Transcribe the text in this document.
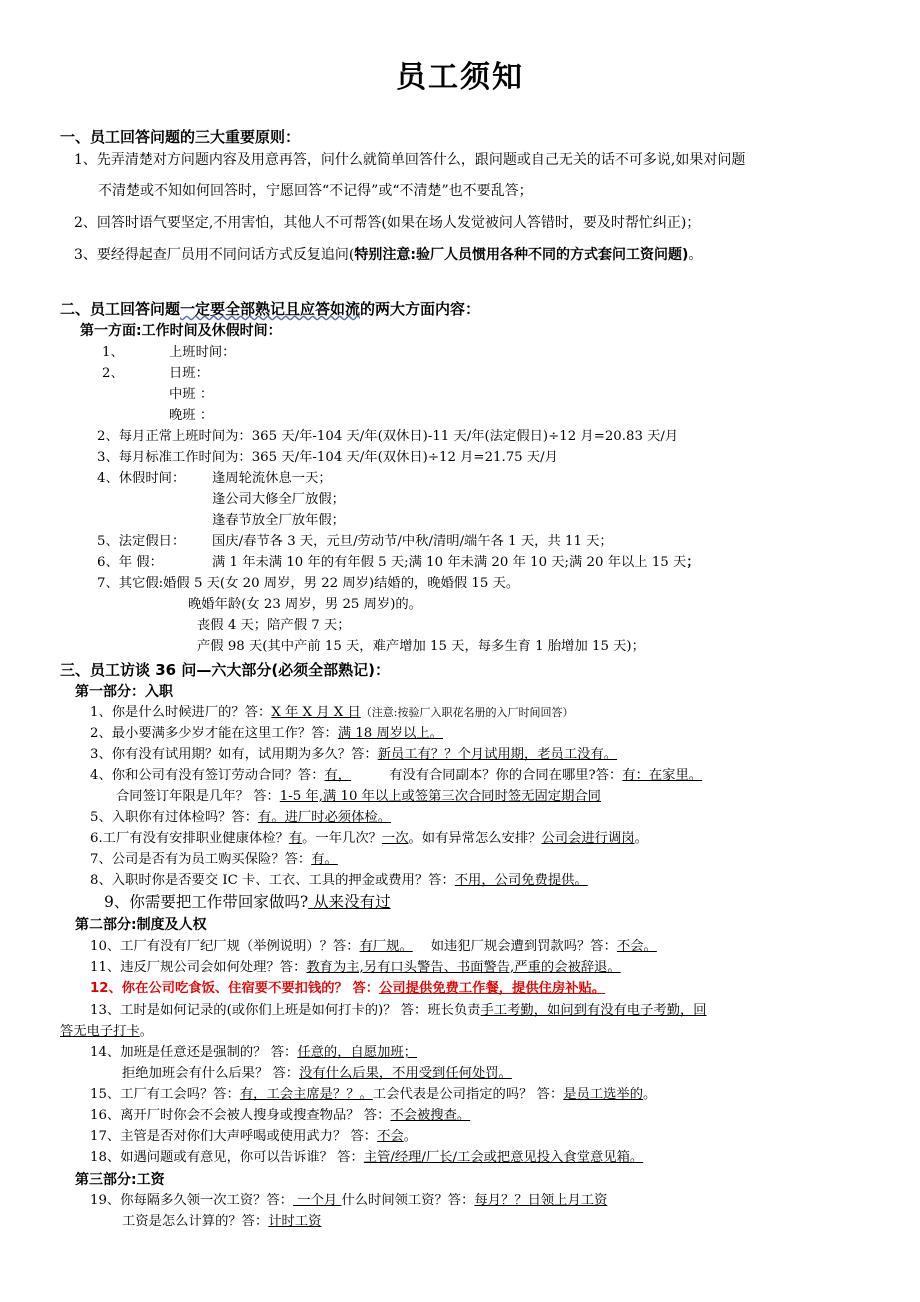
员工须知
一、员工回答问题的三大重要原则：
1、先弄清楚对方问题内容及用意再答，问什么就简单回答什么，跟问题或自己无关的话不可多说,如果对问题
不清楚或不知如何回答时，宁愿回答“不记得”或“不清楚”也不要乱答；
2、回答时语气要坚定,不用害怕，其他人不可帮答(如果在场人发觉被问人答错时，要及时帮忙纠正)；
3、要经得起查厂员用不同问话方式反复追问(特别注意:验厂人员惯用各种不同的方式套问工资问题)。
二、员工回答问题一定要全部熟记且应答如流的两大方面内容：
第一方面:工作时间及休假时间：
1、	上班时间：
2、	日班：
中班 ：
晚班 ：
2、每月正常上班时间为：365 天/年-104 天/年(双休日)-11 天/年(法定假日)÷12 月=20.83 天/月
3、每月标准工作时间为：365 天/年-104 天/年(双休日)÷12 月=21.75 天/月
4、休假时间： 逢周轮流休息一天；
逢公司大修全厂放假；
逢春节放全厂放年假；
5、法定假日： 国庆/春节各 3 天，元旦/劳动节/中秋/清明/端午各 1 天，共 11 天；
6、年 假：	满 1 年未满 10 年的有年假 5 天;满 10 年未满 20 年 10 天;满 20 年以上 15 天；
7、其它假:婚假 5 天(女 20 周岁，男 22 周岁)结婚的，晚婚假 15 天。
晚婚年龄(女 23 周岁，男 25 周岁)的。
丧假 4 天；陪产假 7 天；
产假 98 天(其中产前 15 天，难产增加 15 天，每多生育 1 胎增加 15 天)；
三、员工访谈 36 问—六大部分(必须全部熟记)：
第一部分：入职
1、你是什么时候进厂的？答：X 年 X 月 X 日（注意:按验厂入职花名册的入厂时间回答）
2、最小要满多少岁才能在这里工作？答：满 18 周岁以上。
3、你有没有试用期？如有，试用期为多久？答：新员工有？？个月试用期，老员工没有。
4、你和公司有没有签订劳动合同？答：有，	有没有合同副本？你的合同在哪里?答：有：在家里。
合同签订年限是几年？ 答：1-5 年,满 10 年以上或签第三次合同时签无固定期合同
5、入职你有过体检吗？答：有。进厂时必须体检。
6.工厂有没有安排职业健康体检？有。一年几次？一次。如有异常怎么安排？公司会进行调岗。
7、公司是否有为员工购买保险？答：有。
8、入职时你是否要交 IC 卡、工衣、工具的押金或费用？答：不用，公司免费提供。
9、你需要把工作带回家做吗? 从来没有过
第二部分:制度及人权
10、工厂有没有厂纪厂规（举例说明）？答：有厂规。 如违犯厂规会遭到罚款吗？答：不会。
11、违反厂规公司会如何处理？答：教育为主,另有口头警告、书面警告,严重的会被辞退。
12、你在公司吃食饭、住宿要不要扣钱的？ 答：公司提供免费工作餐，提供住房补贴。
13、工时是如何记录的(或你们上班是如何打卡的)？ 答：班长负责手工考勤，如问到有没有电子考勤，回
答无电子打卡。
14、加班是任意还是强制的？ 答：任意的，自愿加班；
拒绝加班会有什么后果？ 答：没有什么后果，不用受到任何处罚。
15、工厂有工会吗？答：有，工会主席是？？。工会代表是公司指定的吗？ 答：是员工选举的。
16、离开厂时你会不会被人搜身或搜查物品？ 答：不会被搜查。
17、主管是否对你们大声呼喝或使用武力？ 答：不会。
18、如遇问题或有意见，你可以告诉谁？ 答：主管/经理/厂长/工会或把意见投入食堂意见箱。
第三部分:工资
19、你每隔多久领一次工资？答： 一个月 什么时间领工资？答：每月？？日领上月工资
工资是怎么计算的？答：计时工资
